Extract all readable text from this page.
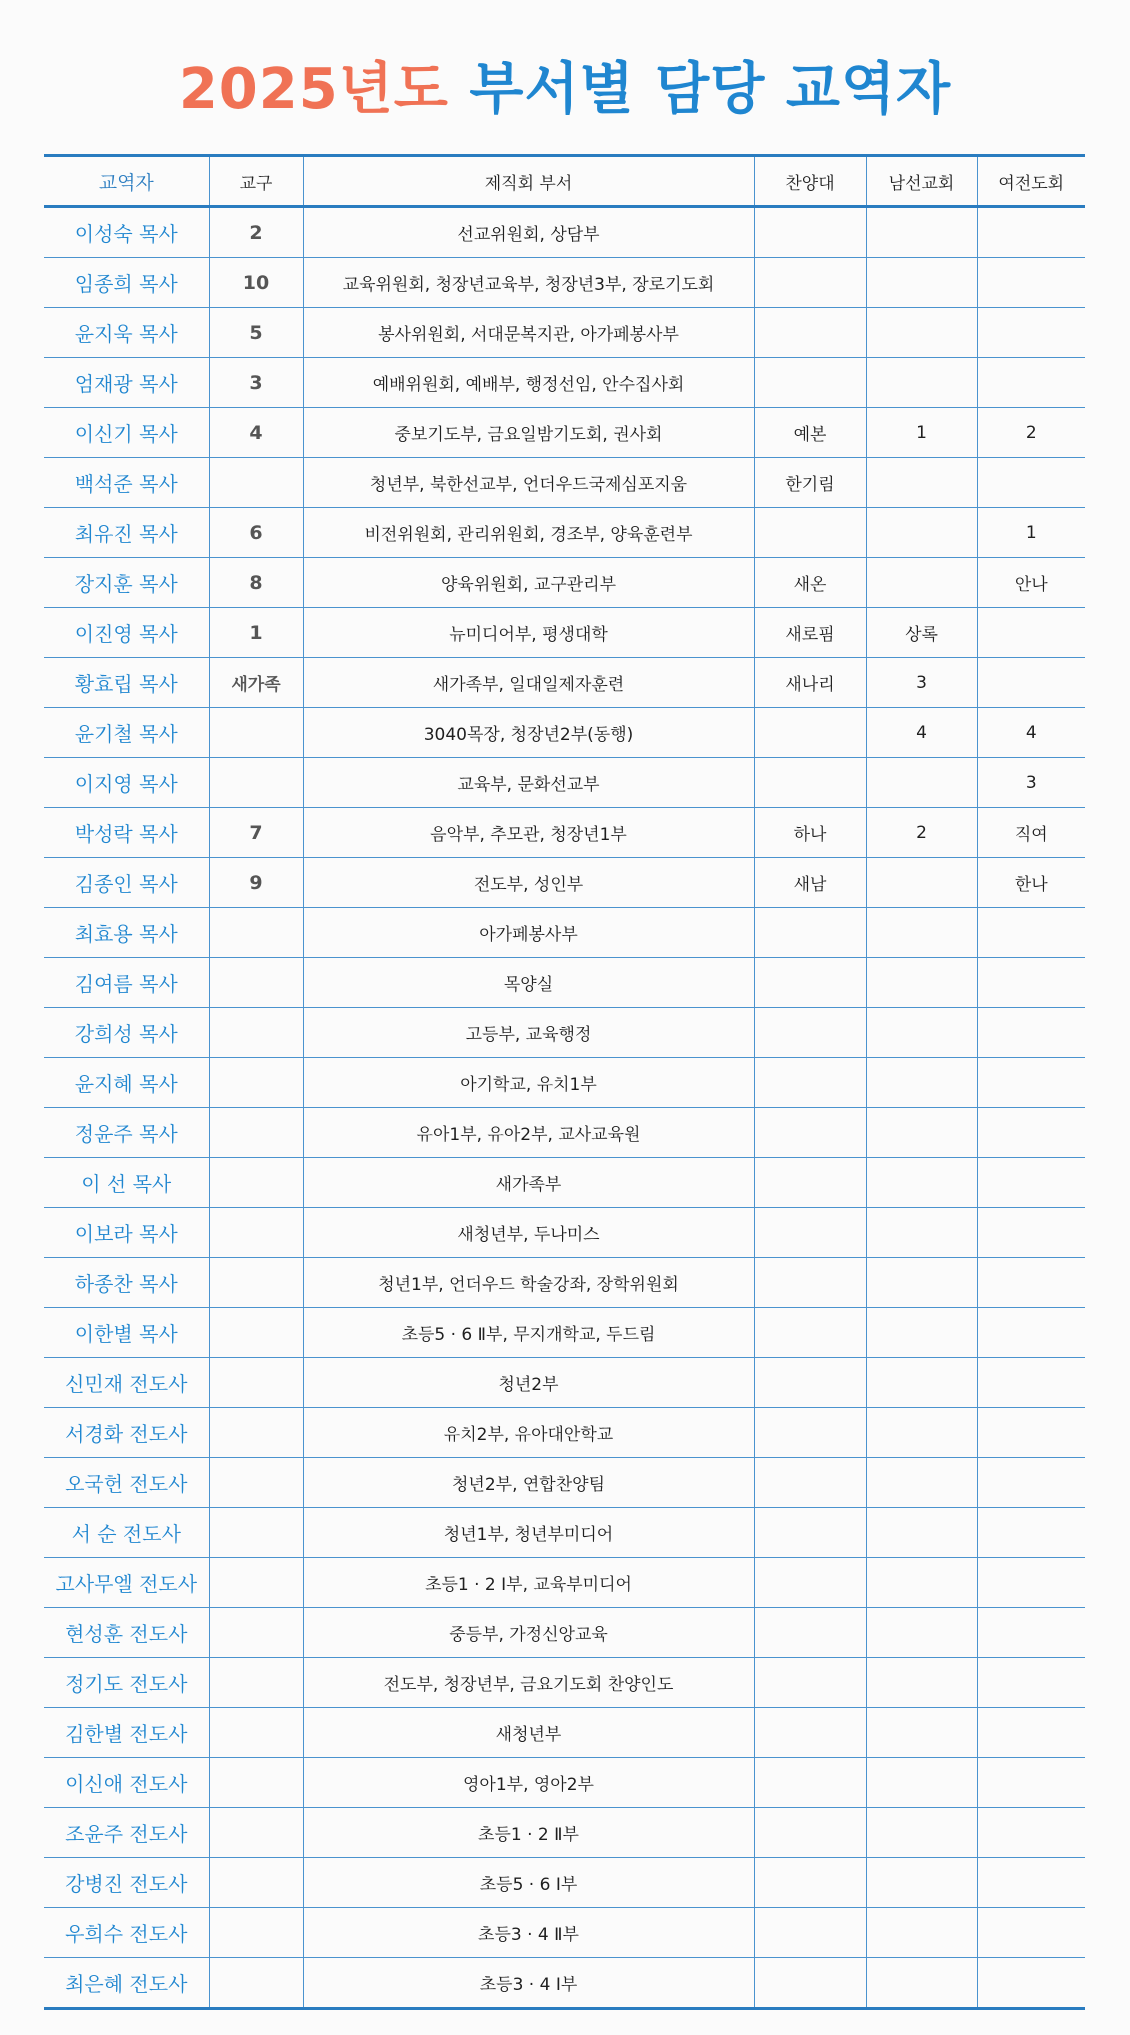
2025년도 부서별 담당 교역자
교역자	교구	제직회 부서	찬양대	남선교회	여전도회
이성숙 목사	2	선교위원회, 상담부			
임종희 목사	10	교육위원회, 청장년교육부, 청장년3부, 장로기도회			
윤지욱 목사	5	봉사위원회, 서대문복지관, 아가페봉사부			
엄재광 목사	3	예배위원회, 예배부, 행정선임, 안수집사회			
이신기 목사	4	중보기도부, 금요일밤기도회, 권사회	예본	1	2
백석준 목사		청년부, 북한선교부, 언더우드국제심포지움	한기림		
최유진 목사	6	비전위원회, 관리위원회, 경조부, 양육훈련부			1
장지훈 목사	8	양육위원회, 교구관리부	새온		안나
이진영 목사	1	뉴미디어부, 평생대학	새로핌	상록	
황효립 목사	새가족	새가족부, 일대일제자훈련	새나리	3	
윤기철 목사		3040목장, 청장년2부(동행)		4	4
이지영 목사		교육부, 문화선교부			3
박성락 목사	7	음악부, 추모관, 청장년1부	하나	2	직여
김종인 목사	9	전도부, 성인부	새남		한나
최효용 목사		아가페봉사부			
김여름 목사		목양실			
강희성 목사		고등부, 교육행정			
윤지혜 목사		아기학교, 유치1부			
정윤주 목사		유아1부, 유아2부, 교사교육원			
이 선 목사		새가족부			
이보라 목사		새청년부, 두나미스			
하종찬 목사		청년1부, 언더우드 학술강좌, 장학위원회			
이한별 목사		초등5 · 6 Ⅱ부, 무지개학교, 두드림			
신민재 전도사		청년2부			
서경화 전도사		유치2부, 유아대안학교			
오국헌 전도사		청년2부, 연합찬양팀			
서 순 전도사		청년1부, 청년부미디어			
고사무엘 전도사		초등1 · 2 Ⅰ부, 교육부미디어			
현성훈 전도사		중등부, 가정신앙교육			
정기도 전도사		전도부, 청장년부, 금요기도회 찬양인도			
김한별 전도사		새청년부			
이신애 전도사		영아1부, 영아2부			
조윤주 전도사		초등1 · 2 Ⅱ부			
강병진 전도사		초등5 · 6 Ⅰ부			
우희수 전도사		초등3 · 4 Ⅱ부			
최은혜 전도사		초등3 · 4 Ⅰ부			
